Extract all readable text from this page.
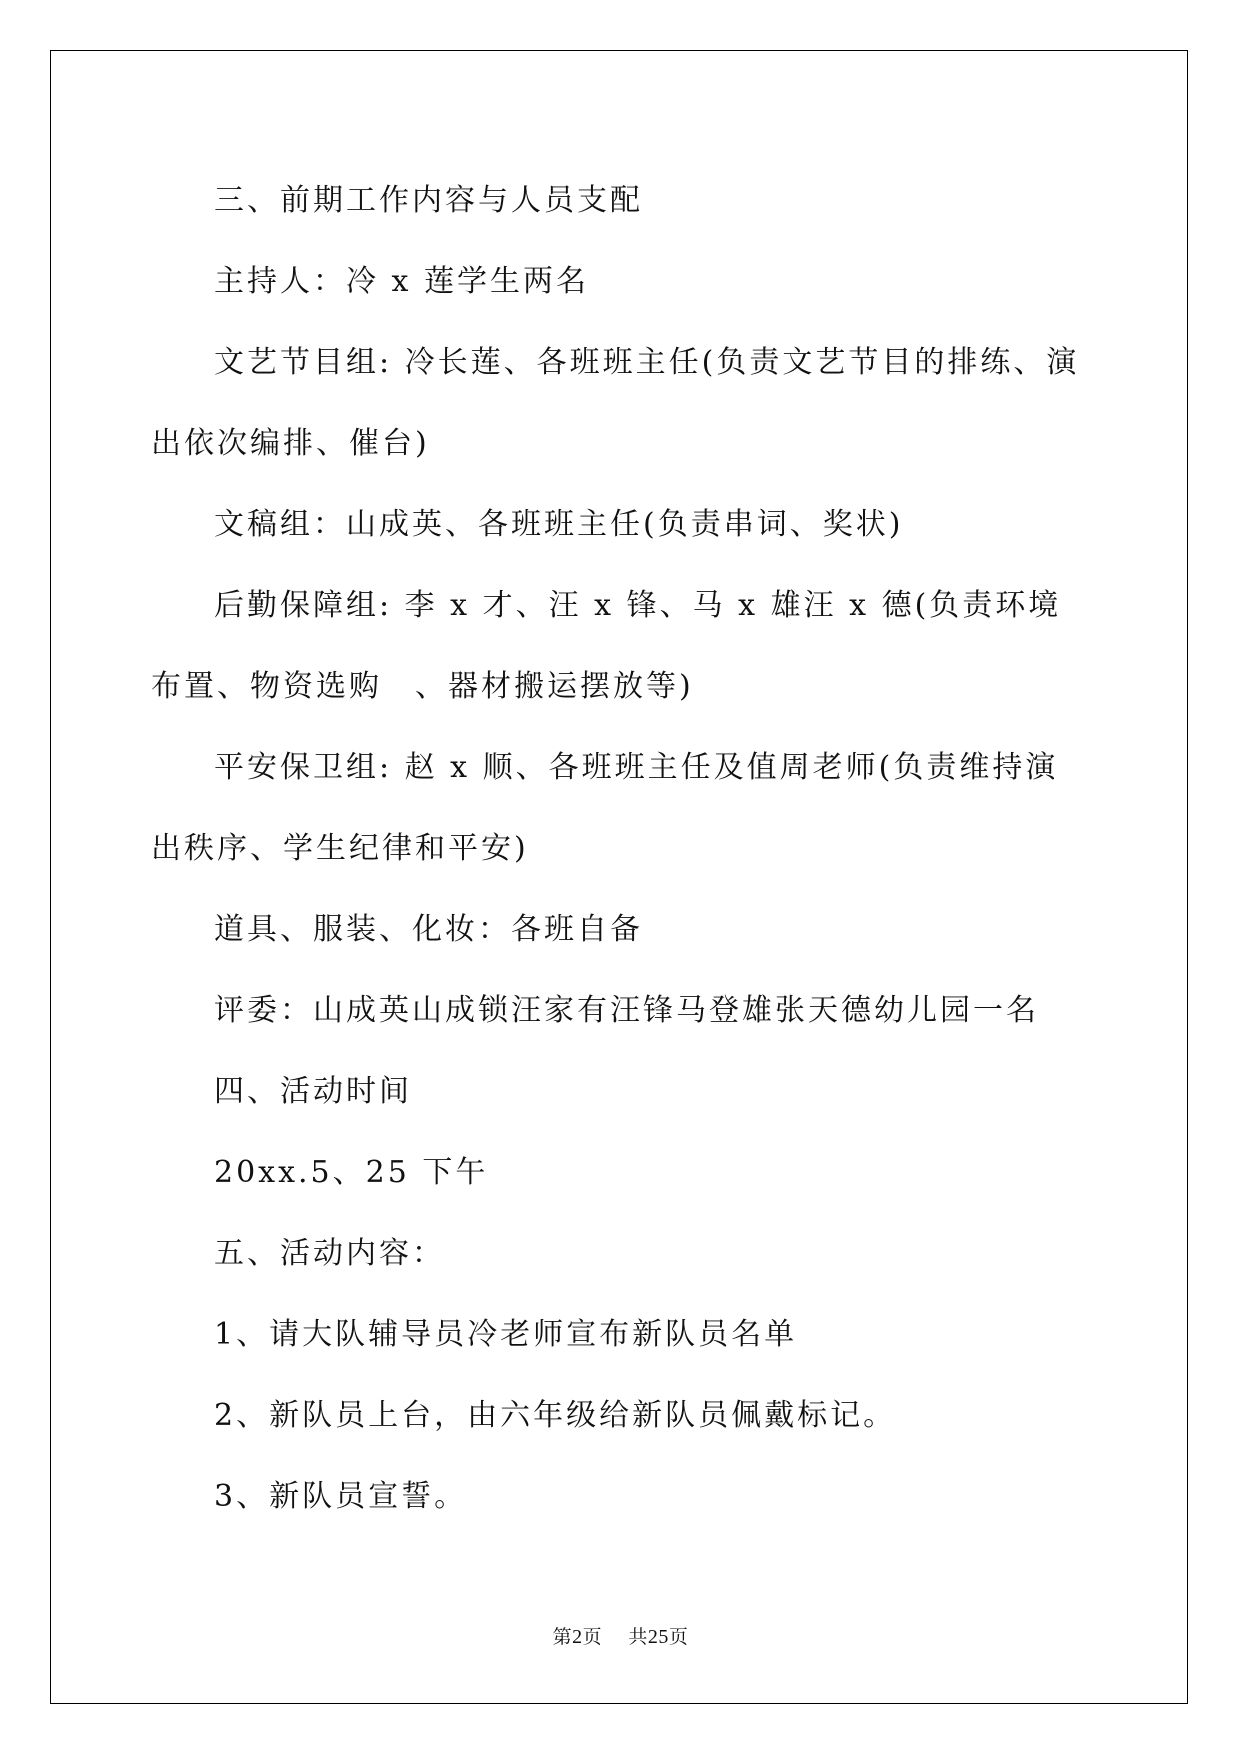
三、前期工作内容与人员支配

主持人：冷 x 莲学生两名

文艺节目组: 冷长莲、各班班主任(负责文艺节目的排练、演出依次编排、催台)

文稿组：山成英、各班班主任(负责串词、奖状)

后勤保障组: 李 x 才、汪 x 锋、马 x 雄汪 x 德(负责环境布置、物资选购　、器材搬运摆放等)

平安保卫组: 赵 x 顺、各班班主任及值周老师(负责维持演出秩序、学生纪律和平安)

道具、服装、化妆：各班自备

评委：山成英山成锁汪家有汪锋马登雄张天德幼儿园一名

四、活动时间

20xx.5、25 下午

五、活动内容：

1、请大队辅导员冷老师宣布新队员名单

2、新队员上台，由六年级给新队员佩戴标记。

3、新队员宣誓。

第2页 共25页
